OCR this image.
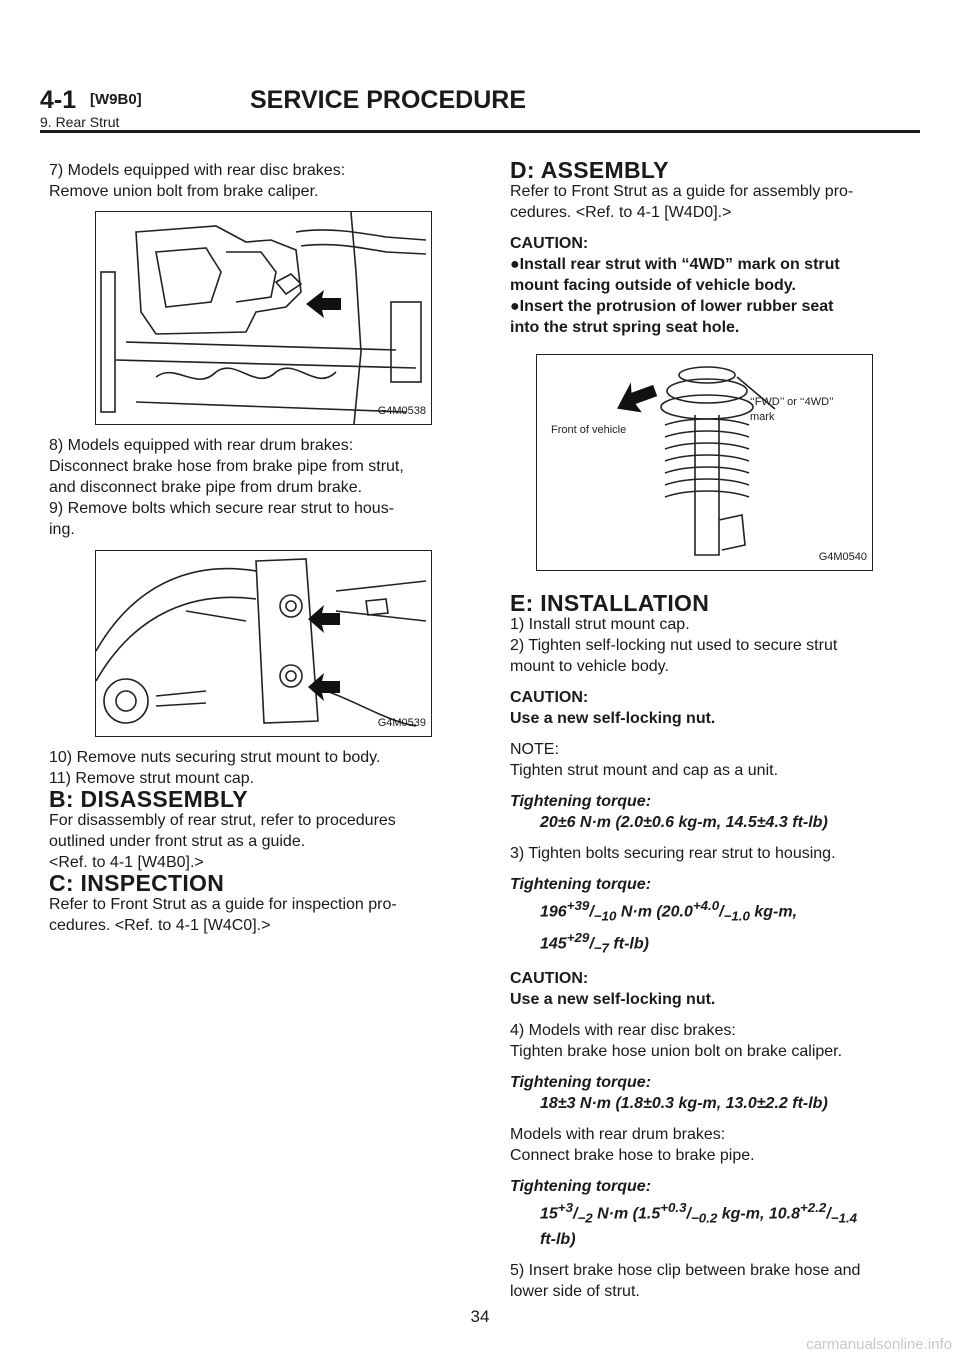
4-1 [W9B0]	SERVICE PROCEDURE
9. Rear Strut

7) Models equipped with rear disc brakes:

Remove union bolt from brake caliper.

G4M0538

8) Models equipped with rear drum brakes:

Disconnect brake hose from brake pipe from strut,

and disconnect brake pipe from drum brake.

9) Remove bolts which secure rear strut to hous-

ing.

G4M0539

10) Remove nuts securing strut mount to body.

11) Remove strut mount cap.

B: DISASSEMBLY

For disassembly of rear strut, refer to procedures

outlined under front strut as a guide.

<Ref. to 4-1 [W4B0].>

C: INSPECTION

Refer to Front Strut as a guide for inspection pro-

cedures. <Ref. to 4-1 [W4C0].>

D: ASSEMBLY

Refer to Front Strut as a guide for assembly pro-

cedures. <Ref. to 4-1 [W4D0].>

CAUTION:

●Install rear strut with “4WD” mark on strut

mount facing outside of vehicle body.

●Insert the protrusion of lower rubber seat

into the strut spring seat hole.

Front of vehicle
‘‘FWD’’ or ‘‘4WD’’
mark
G4M0540

E: INSTALLATION

1) Install strut mount cap.

2) Tighten self-locking nut used to secure strut

mount to vehicle body.

CAUTION:

Use a new self-locking nut.

NOTE:

Tighten strut mount and cap as a unit.

Tightening torque:

20±6 N·m (2.0±0.6 kg-m, 14.5±4.3 ft-lb)

3) Tighten bolts securing rear strut to housing.

Tightening torque:

$196^{+39}/_{-10}$ N·m ($20.0^{+4.0}/_{-1.0}$ kg-m,

$145^{+29}/_{-7}$ ft-lb)

CAUTION:

Use a new self-locking nut.

4) Models with rear disc brakes:

Tighten brake hose union bolt on brake caliper.

Tightening torque:

18±3 N·m (1.8±0.3 kg-m, 13.0±2.2 ft-lb)

Models with rear drum brakes:

Connect brake hose to brake pipe.

Tightening torque:

$15^{+3}/_{-2}$ N·m ($1.5^{+0.3}/_{-0.2}$ kg-m, $10.8^{+2.2}/_{-1.4}$

ft-lb)

5) Insert brake hose clip between brake hose and

lower side of strut.

34
carmanualsonline.info
